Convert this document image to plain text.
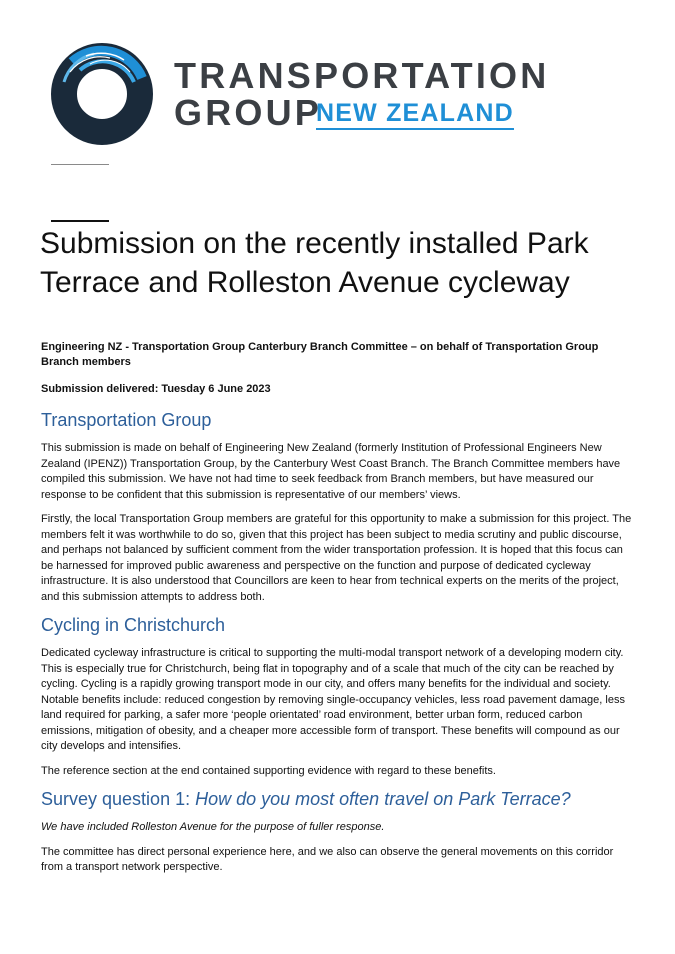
TRANSPORTATION
GROUP
NEW ZEALAND
Submission on the recently installed Park Terrace and Rolleston Avenue cycleway
Engineering NZ - Transportation Group Canterbury Branch Committee – on behalf of Transportation Group Branch members
Submission delivered: Tuesday 6 June 2023
Transportation Group

This submission is made on behalf of Engineering New Zealand (formerly Institution of Professional Engineers New Zealand (IPENZ)) Transportation Group, by the Canterbury West Coast Branch. The Branch Committee members have compiled this submission. We have not had time to seek feedback from Branch members, but have measured our response to be confident that this submission is representative of our members’ views.

Firstly, the local Transportation Group members are grateful for this opportunity to make a submission for this project. The members felt it was worthwhile to do so, given that this project has been subject to media scrutiny and public discourse, and perhaps not balanced by sufficient comment from the wider transportation profession. It is hoped that this focus can be harnessed for improved public awareness and perspective on the function and purpose of dedicated cycleway infrastructure. It is also understood that Councillors are keen to hear from technical experts on the merits of the project, and this submission attempts to address both.

Cycling in Christchurch

Dedicated cycleway infrastructure is critical to supporting the multi-modal transport network of a developing modern city. This is especially true for Christchurch, being flat in topography and of a scale that much of the city can be reached by cycling. Cycling is a rapidly growing transport mode in our city, and offers many benefits for the individual and society. Notable benefits include: reduced congestion by removing single-occupancy vehicles, less road pavement damage, less land required for parking, a safer more ‘people orientated’ road environment, better urban form, reduced carbon emissions, mitigation of obesity, and a cheaper more accessible form of transport. These benefits will compound as our city develops and intensifies.

The reference section at the end contained supporting evidence with regard to these benefits.

Survey question 1: How do you most often travel on Park Terrace?

We have included Rolleston Avenue for the purpose of fuller response.

The committee has direct personal experience here, and we also can observe the general movements on this corridor from a transport network perspective.
